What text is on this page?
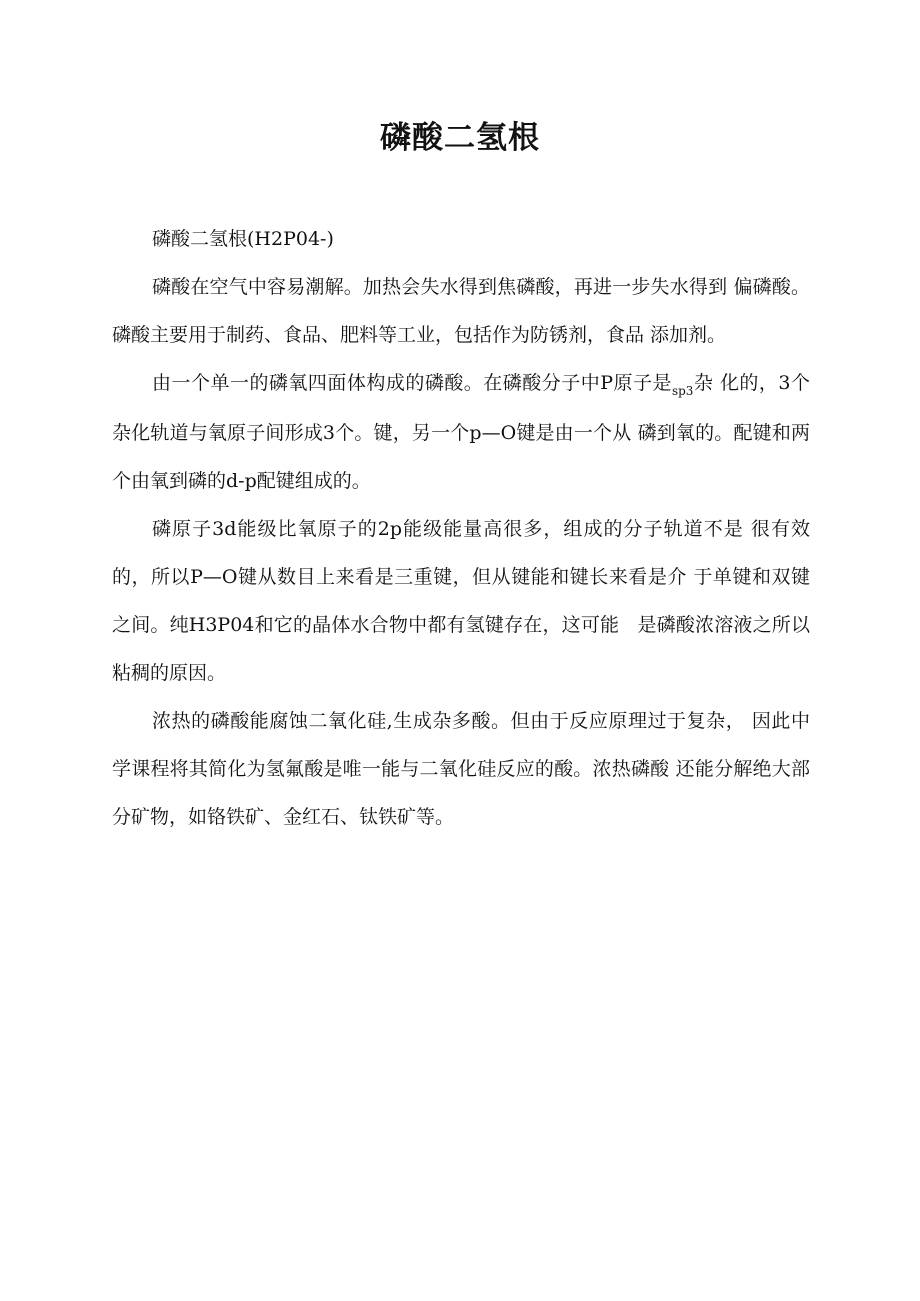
磷酸二氢根

磷酸二氢根(H2P04-)

磷酸在空气中容易潮解。加热会失水得到焦磷酸，再进一步失水得到 偏磷酸。磷酸主要用于制药、食品、肥料等工业，包括作为防锈剂，食品 添加剂。

由一个单一的磷氧四面体构成的磷酸。在磷酸分子中P原子是$_{sp3}$杂 化的，3个杂化轨道与氧原子间形成3个。键，另一个p—O键是由一个从 磷到氧的。配键和两个由氧到磷的d-p配键组成的。

磷原子3d能级比氧原子的2p能级能量高很多，组成的分子轨道不是 很有效的，所以P—O键从数目上来看是三重键，但从键能和键长来看是介 于单键和双键之间。纯H3P04和它的晶体水合物中都有氢键存在，这可能 是磷酸浓溶液之所以粘稠的原因。

浓热的磷酸能腐蚀二氧化硅,生成杂多酸。但由于反应原理过于复杂， 因此中学课程将其简化为氢氟酸是唯一能与二氧化硅反应的酸。浓热磷酸 还能分解绝大部分矿物，如铬铁矿、金红石、钛铁矿等。
